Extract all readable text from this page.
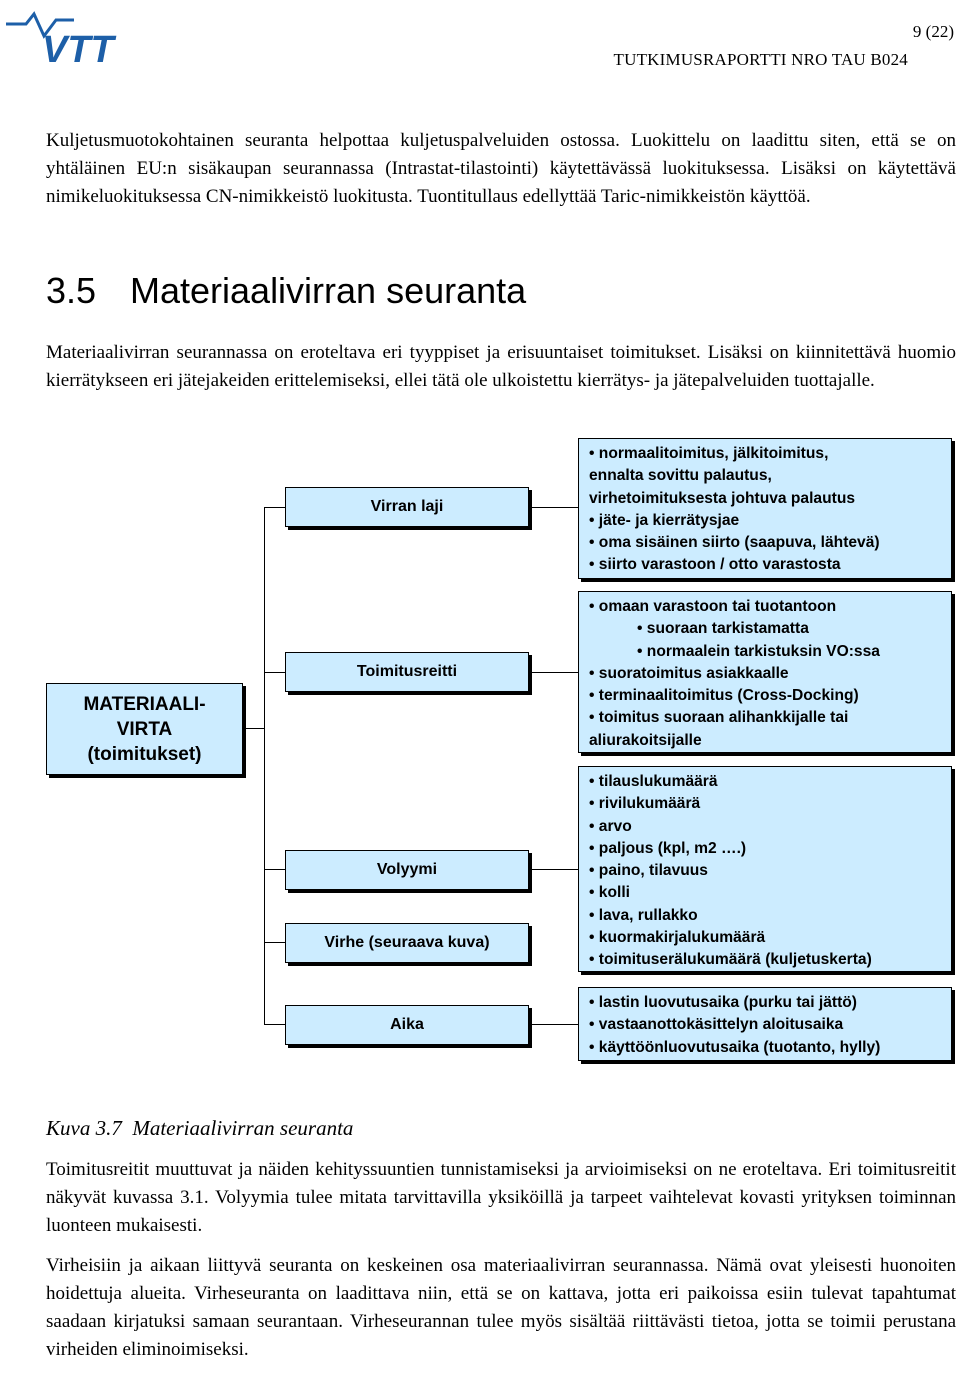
VTT	9 (22)
TUTKIMUSRAPORTTI NRO TAU B024

Kuljetusmuotokohtainen seuranta helpottaa kuljetuspalveluiden ostossa. Luokittelu on laadittu siten, että se on yhtäläinen EU:n sisäkaupan seurannassa (Intrastat-tilastointi) käytettävässä luokituksessa. Lisäksi on käytettävä nimikeluokituksessa CN-nimikkeistö luokitusta. Tuontitullaus edellyttää Taric-nimikkeistön käyttöä.

3.5 Materiaalivirran seuranta

Materiaalivirran seurannassa on eroteltava eri tyyppiset ja erisuuntaiset toimitukset. Lisäksi on kiinnitettävä huomio kierrätykseen eri jätejakeiden erittelemiseksi, ellei tätä ole ulkoistettu kierrätys- ja jätepalveluiden tuottajalle.

MATERIAALI-
VIRTA
(toimitukset)
Virran laji
Toimitusreitti
Volyymi
Virhe (seuraava kuva)
Aika
• normaalitoimitus, jälkitoimitus,
ennalta sovittu palautus,
virhetoimituksesta johtuva palautus
• jäte- ja kierrätysjae
• oma sisäinen siirto (saapuva, lähtevä)
• siirto varastoon / otto varastosta
• omaan varastoon tai tuotantoon
• suoraan tarkistamatta
• normaalein tarkistuksin VO:ssa
• suoratoimitus asiakkaalle
• terminaalitoimitus (Cross-Docking)
• toimitus suoraan alihankkijalle tai
aliurakoitsijalle
• tilauslukumäärä
• rivilukumäärä
• arvo
• paljous (kpl, m2 ….)
• paino, tilavuus
• kolli
• lava, rullakko
• kuormakirjalukumäärä
• toimituserälukumäärä (kuljetuskerta)
• lastin luovutusaika (purku tai jättö)
• vastaanottokäsittelyn aloitusaika
• käyttöönluovutusaika (tuotanto, hylly)
Kuva 3.7  Materiaalivirran seuranta

Toimitusreitit muuttuvat ja näiden kehityssuuntien tunnistamiseksi ja arvioimiseksi on ne eroteltava. Eri toimitusreitit näkyvät kuvassa 3.1. Volyymia tulee mitata tarvittavilla yksiköillä ja tarpeet vaihtelevat kovasti yrityksen toiminnan luonteen mukaisesti.

Virheisiin ja aikaan liittyvä seuranta on keskeinen osa materiaalivirran seurannassa. Nämä ovat yleisesti huonoiten hoidettuja alueita. Virheseuranta on laadittava niin, että se on kattava, jotta eri paikoissa esiin tulevat tapahtumat saadaan kirjatuksi samaan seurantaan. Virheseurannan tulee myös sisältää riittävästi tietoa, jotta se toimii perustana virheiden eliminoimiseksi.
